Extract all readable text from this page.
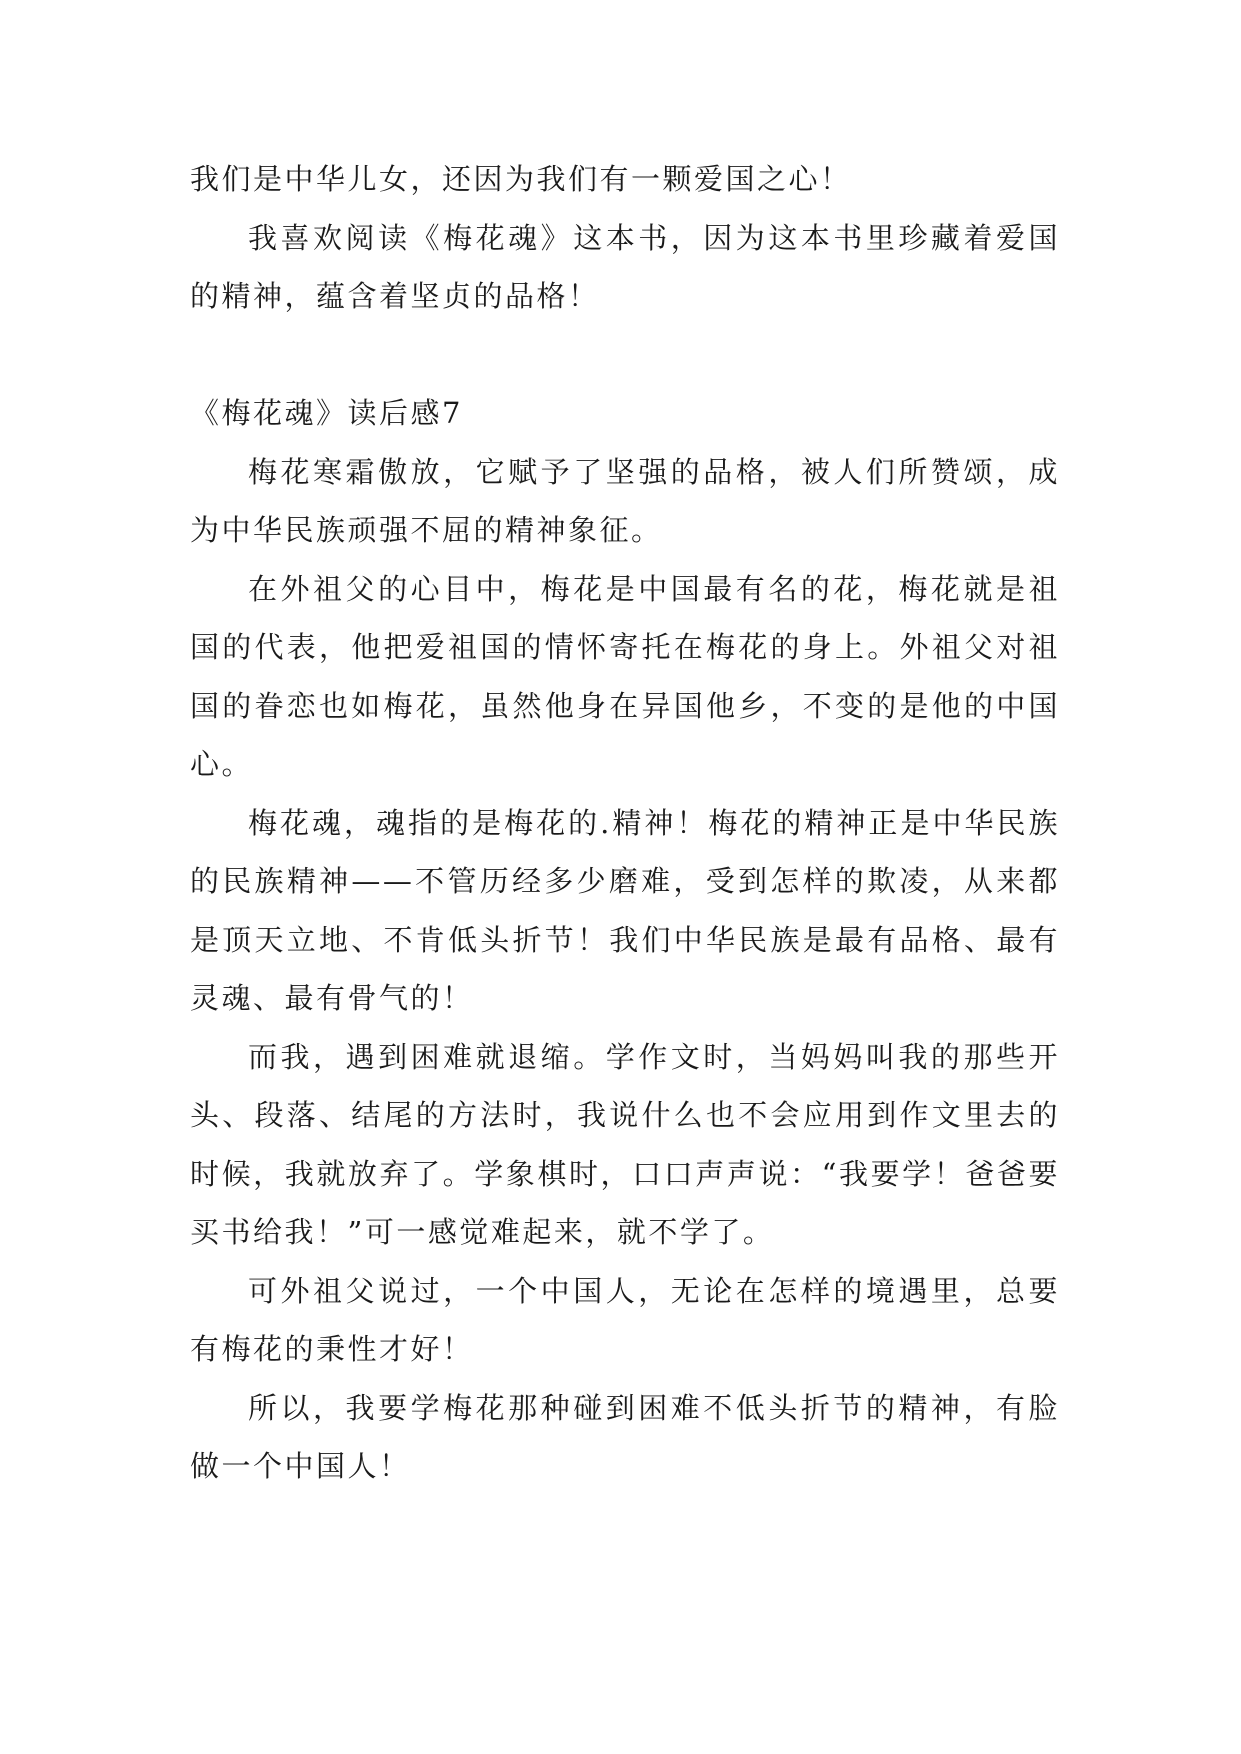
我们是中华儿女，还因为我们有一颗爱国之心！

我喜欢阅读《梅花魂》这本书，因为这本书里珍藏着爱国的精神，蕴含着坚贞的品格！

《梅花魂》读后感7

梅花寒霜傲放，它赋予了坚强的品格，被人们所赞颂，成为中华民族顽强不屈的精神象征。

在外祖父的心目中，梅花是中国最有名的花，梅花就是祖国的代表，他把爱祖国的情怀寄托在梅花的身上。外祖父对祖国的眷恋也如梅花，虽然他身在异国他乡，不变的是他的中国心。

梅花魂，魂指的是梅花的.精神！梅花的精神正是中华民族的民族精神——不管历经多少磨难，受到怎样的欺凌，从来都是顶天立地、不肯低头折节！我们中华民族是最有品格、最有灵魂、最有骨气的！

而我，遇到困难就退缩。学作文时，当妈妈叫我的那些开头、段落、结尾的方法时，我说什么也不会应用到作文里去的时候，我就放弃了。学象棋时，口口声声说：“我要学！爸爸要买书给我！”可一感觉难起来，就不学了。

可外祖父说过，一个中国人，无论在怎样的境遇里，总要有梅花的秉性才好！

所以，我要学梅花那种碰到困难不低头折节的精神，有脸做一个中国人！
